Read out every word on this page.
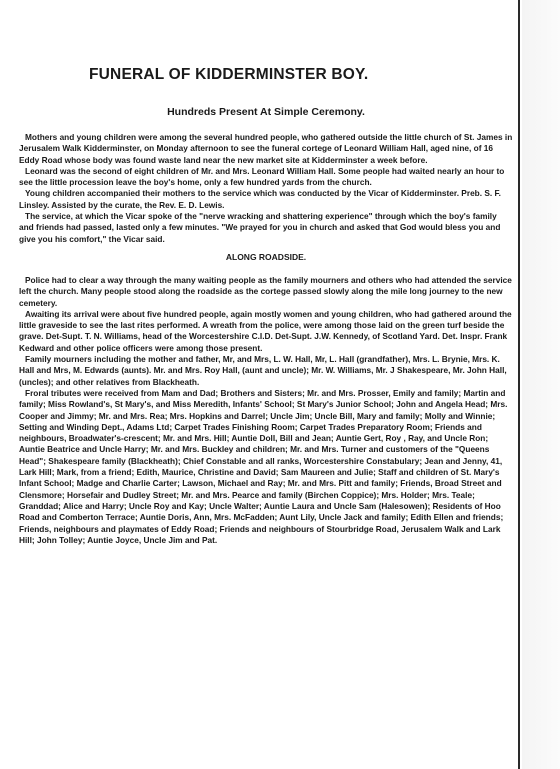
FUNERAL OF KIDDERMINSTER BOY.
Hundreds Present At Simple Ceremony.

Mothers and young children were among the several hundred people, who gathered outside the little church of St. James in Jerusalem Walk Kidderminster, on Monday afternoon to see the funeral cortege of Leonard William Hall, aged nine, of 16 Eddy Road whose body was found waste land near the new market site at Kidderminster a week before.

Leonard was the second of eight children of Mr. and Mrs. Leonard William Hall. Some people had waited nearly an hour to see the little procession leave the boy's home, only a few hundred yards from the church.

Young children accompanied their mothers to the service which was conducted by the Vicar of Kidderminster. Preb. S. F. Linsley. Assisted by the curate, the Rev. E. D. Lewis.

The service, at which the Vicar spoke of the "nerve wracking and shattering experience" through which the boy's family and friends had passed, lasted only a few minutes. "We prayed for you in church and asked that God would bless you and give you his comfort," the Vicar said.

ALONG ROADSIDE.

Police had to clear a way through the many waiting people as the family mourners and others who had attended the service left the church. Many people stood along the roadside as the cortege passed slowly along the mile long journey to the new cemetery.

Awaiting its arrival were about five hundred people, again mostly women and young children, who had gathered around the little graveside to see the last rites performed. A wreath from the police, were among those laid on the green turf beside the grave. Det-Supt. T. N. Williams, head of the Worcestershire C.I.D. Det-Supt. J.W. Kennedy, of Scotland Yard. Det. Inspr. Frank Kedward and other police officers were among those present.

Family mourners including the mother and father, Mr, and Mrs, L. W. Hall, Mr, L. Hall (grandfather), Mrs. L. Brynie, Mrs. K. Hall and Mrs, M. Edwards (aunts). Mr. and Mrs. Roy Hall, (aunt and uncle); Mr. W. Williams, Mr. J Shakespeare, Mr. John Hall, (uncles); and other relatives from Blackheath.

Froral tributes were received from Mam and Dad; Brothers and Sisters; Mr. and Mrs. Prosser, Emily and family; Martin and family; Miss Rowland's, St Mary's, and Miss Meredith, Infants' School; St Mary's Junior School; John and Angela Head; Mrs. Cooper and Jimmy; Mr. and Mrs. Rea; Mrs. Hopkins and Darrel; Uncle Jim; Uncle Bill, Mary and family; Molly and Winnie; Setting and Winding Dept., Adams Ltd; Carpet Trades Finishing Room; Carpet Trades Preparatory Room; Friends and neighbours, Broadwater's-crescent; Mr. and Mrs. Hill; Auntie Doll, Bill and Jean; Auntie Gert, Roy , Ray, and Uncle Ron; Auntie Beatrice and Uncle Harry; Mr. and Mrs. Buckley and children; Mr. and Mrs. Turner and customers of the "Queens Head"; Shakespeare family (Blackheath); Chief Constable and all ranks, Worcestershire Constabulary; Jean and Jenny, 41, Lark Hill; Mark, from a friend; Edith, Maurice, Christine and David; Sam Maureen and Julie; Staff and children of St. Mary's Infant School; Madge and Charlie Carter; Lawson, Michael and Ray; Mr. and Mrs. Pitt and family; Friends, Broad Street and Clensmore; Horsefair and Dudley Street; Mr. and Mrs. Pearce and family (Birchen Coppice); Mrs. Holder; Mrs. Teale; Granddad; Alice and Harry; Uncle Roy and Kay; Uncle Walter; Auntie Laura and Uncle Sam (Halesowen); Residents of Hoo Road and Comberton Terrace; Auntie Doris, Ann, Mrs. McFadden; Aunt Lily, Uncle Jack and family; Edith Ellen and friends; Friends, neighbours and playmates of Eddy Road; Friends and neighbours of Stourbridge Road, Jerusalem Walk and Lark Hill; John Tolley; Auntie Joyce, Uncle Jim and Pat.
